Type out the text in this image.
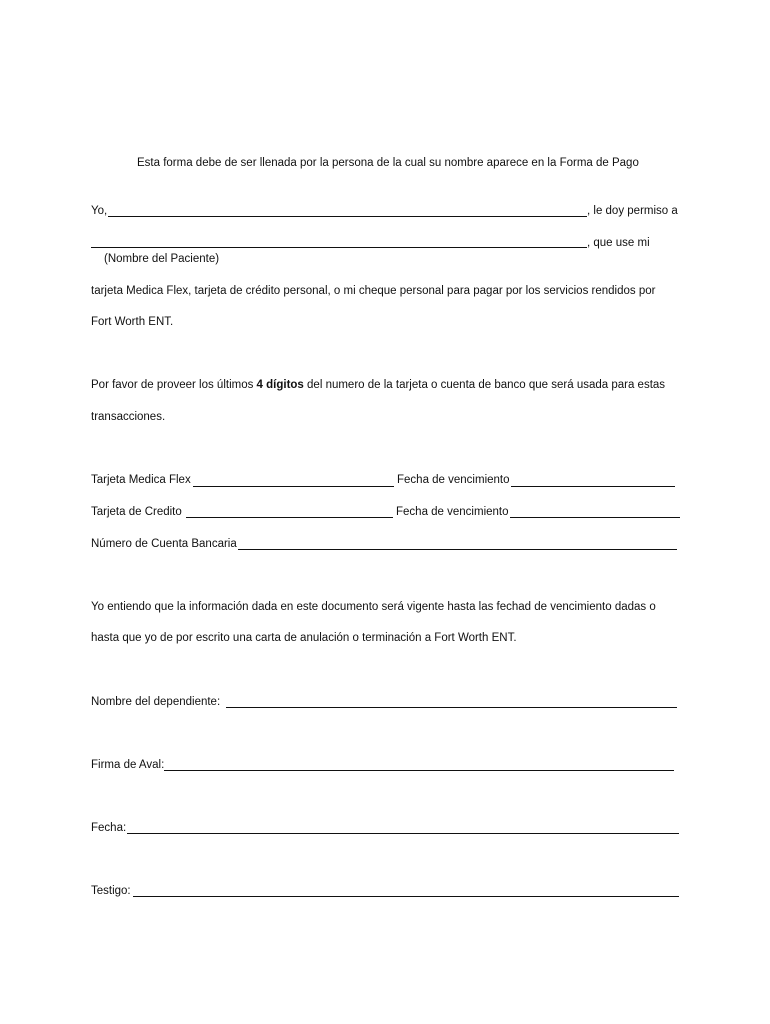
Esta forma debe de ser llenada por la persona de la cual su nombre aparece en la Forma de Pago
Yo,	, le doy permiso a
, que use mi
(Nombre del Paciente)
tarjeta Medica Flex, tarjeta de crédito personal, o mi cheque personal para pagar por los servicios rendidos por
Fort Worth ENT.
Por favor de proveer los últimos 4 dígitos del numero de la tarjeta o cuenta de banco que será usada para estas
transacciones.
Tarjeta Medica Flex	Fecha de vencimiento
Tarjeta de Credito	Fecha de vencimiento
Número de Cuenta Bancaria
Yo entiendo que la información dada en este documento será vigente hasta las fechad de vencimiento dadas o
hasta que yo de por escrito una carta de anulación o terminación a Fort Worth ENT.
Nombre del dependiente:
Firma de Aval:
Fecha:
Testigo:
